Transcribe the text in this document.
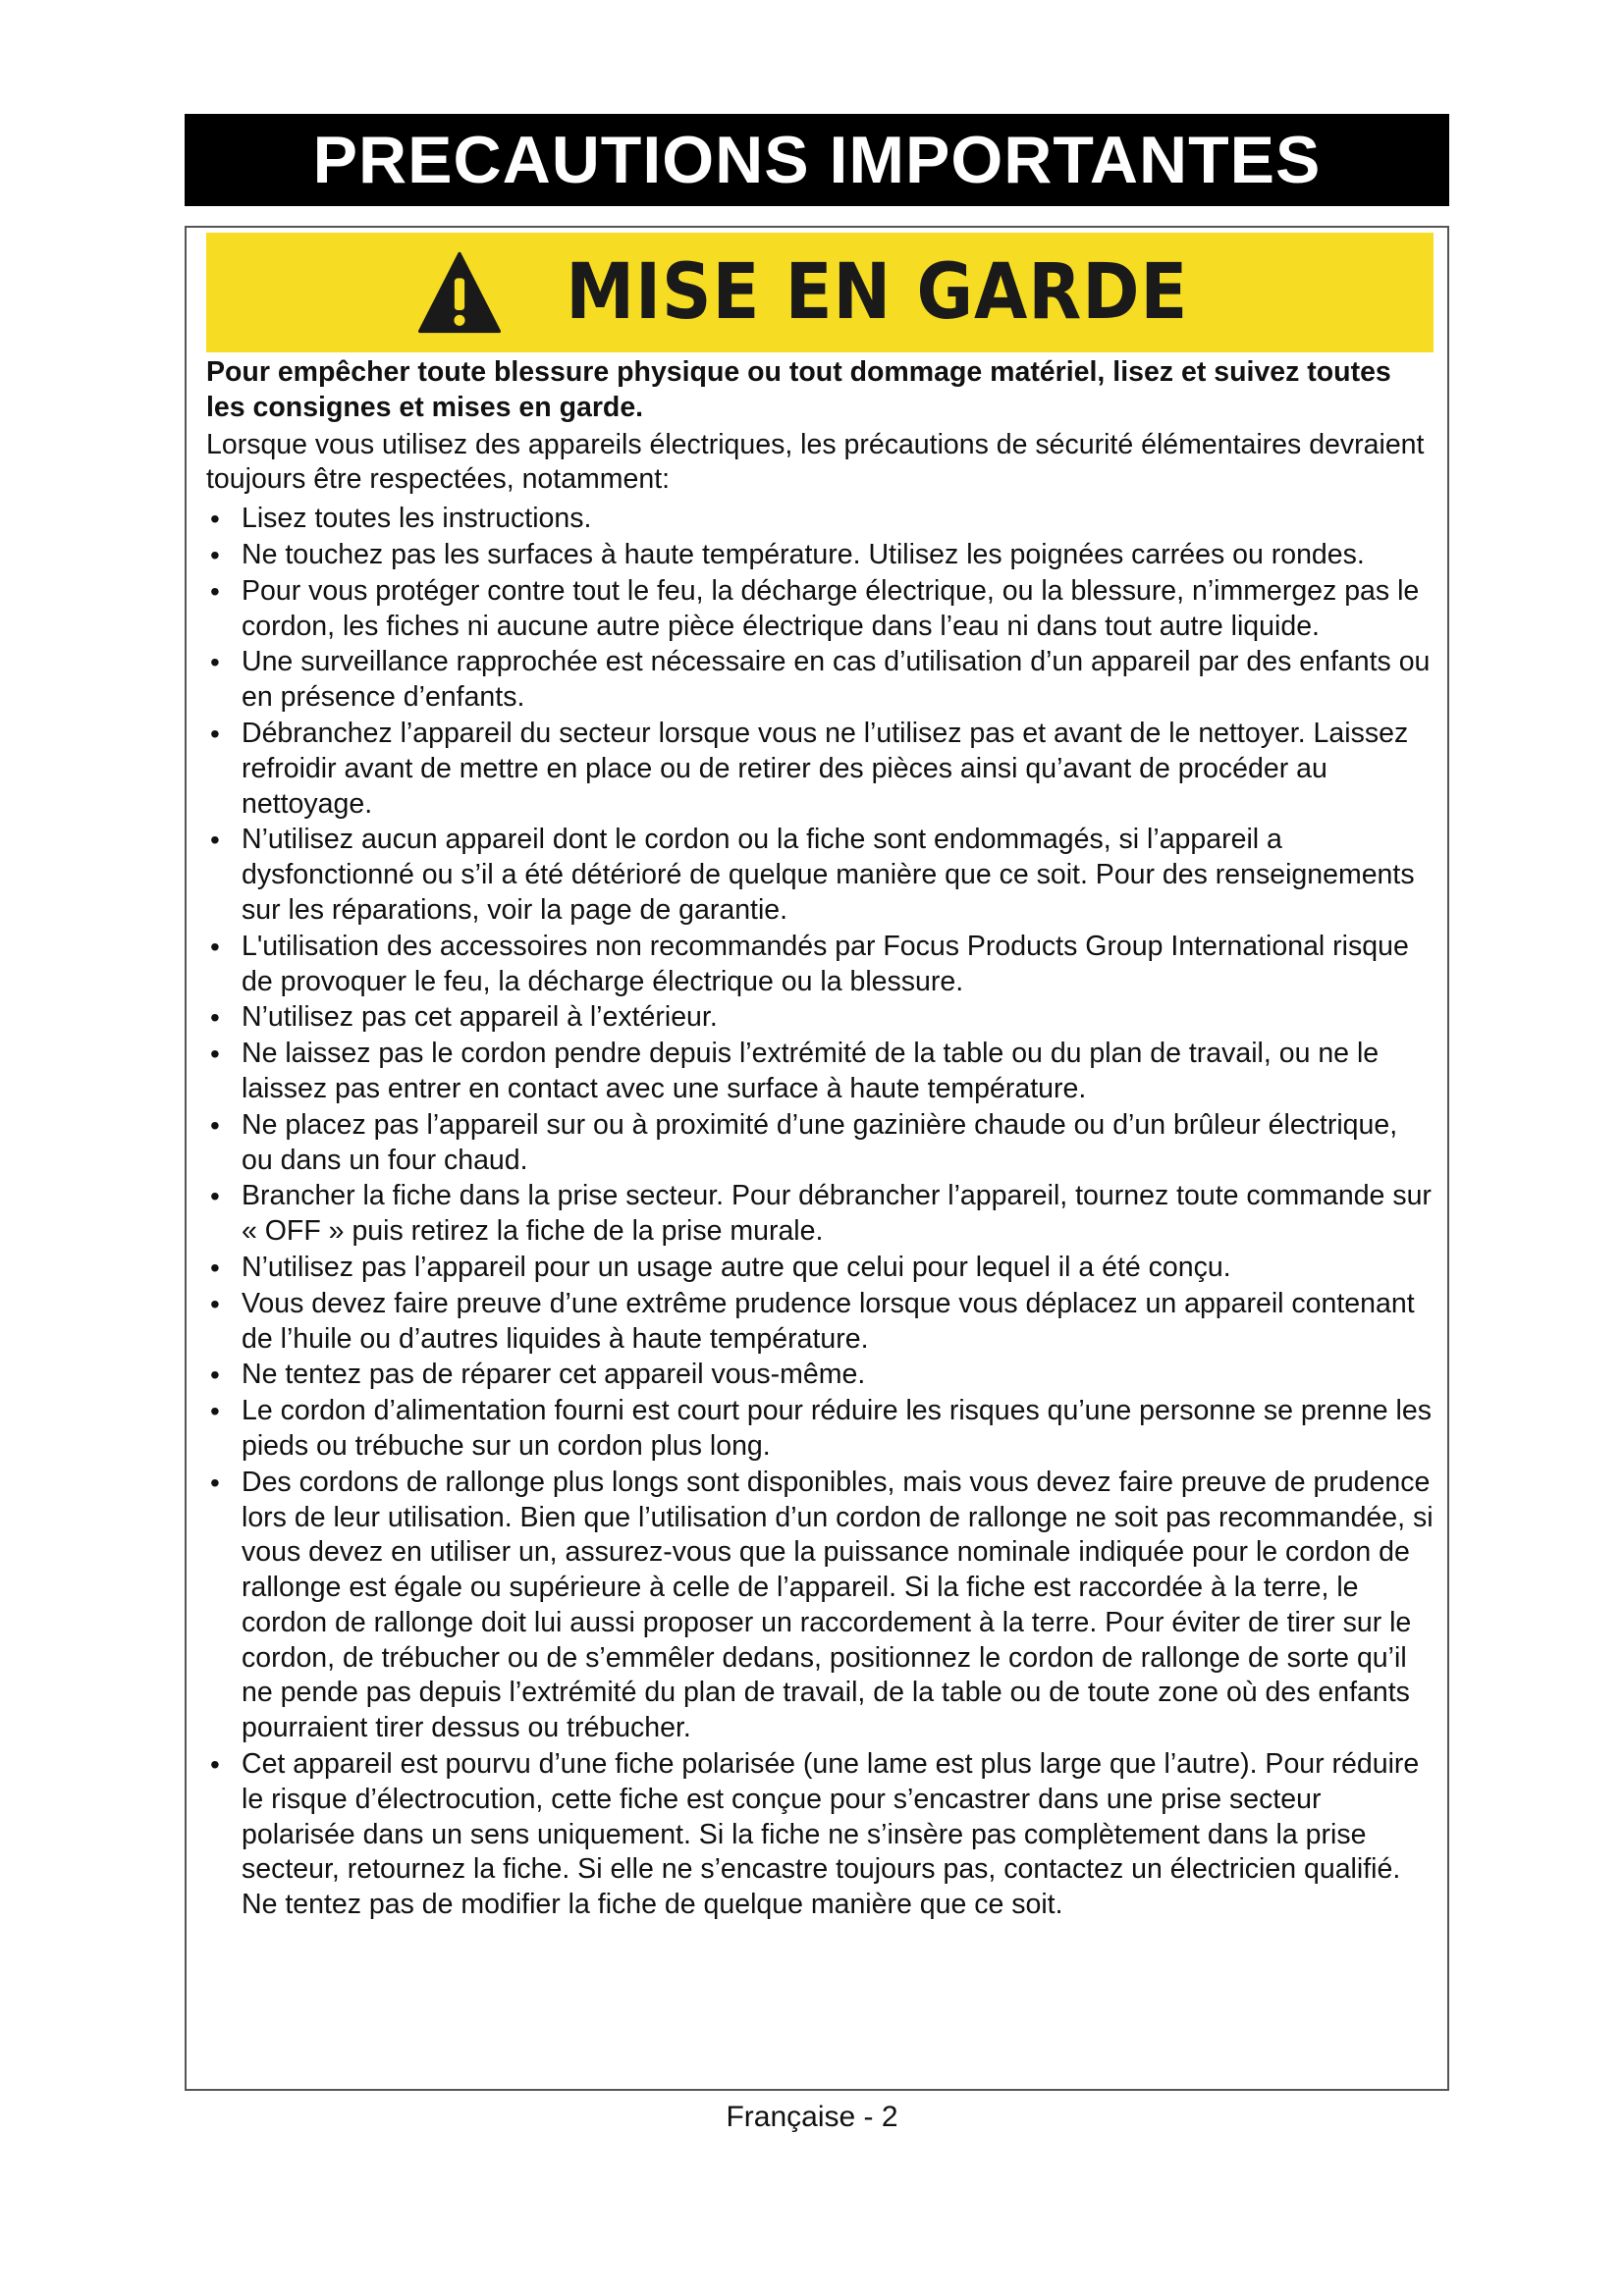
PRECAUTIONS IMPORTANTES
MISE EN GARDE

Pour empêcher toute blessure physique ou tout dommage matériel, lisez et suivez toutes les consignes et mises en garde.

Lorsque vous utilisez des appareils électriques, les précautions de sécurité élémentaires devraient toujours être respectées, notamment:

• Lisez toutes les instructions.
• Ne touchez pas les surfaces à haute température. Utilisez les poignées carrées ou rondes.
• Pour vous protéger contre tout le feu, la décharge électrique, ou la blessure, n’immergez pas le cordon, les fiches ni aucune autre pièce électrique dans l’eau ni dans tout autre liquide.
• Une surveillance rapprochée est nécessaire en cas d’utilisation d’un appareil par des enfants ou en présence d’enfants.
• Débranchez l’appareil du secteur lorsque vous ne l’utilisez pas et avant de le nettoyer. Laissez refroidir avant de mettre en place ou de retirer des pièces ainsi qu’avant de procéder au nettoyage.
• N’utilisez aucun appareil dont le cordon ou la fiche sont endommagés, si l’appareil a dysfonctionné ou s’il a été détérioré de quelque manière que ce soit. Pour des renseignements sur les réparations, voir la page de garantie.
• L'utilisation des accessoires non recommandés par Focus Products Group International risque de provoquer le feu, la décharge électrique ou la blessure.
• N’utilisez pas cet appareil à l’extérieur.
• Ne laissez pas le cordon pendre depuis l’extrémité de la table ou du plan de travail, ou ne le laissez pas entrer en contact avec une surface à haute température.
• Ne placez pas l’appareil sur ou à proximité d’une gazinière chaude ou d’un brûleur électrique, ou dans un four chaud.
• Brancher la fiche dans la prise secteur. Pour débrancher l’appareil, tournez toute commande sur « OFF » puis retirez la fiche de la prise murale.
• N’utilisez pas l’appareil pour un usage autre que celui pour lequel il a été conçu.
• Vous devez faire preuve d’une extrême prudence lorsque vous déplacez un appareil contenant de l’huile ou d’autres liquides à haute température.
• Ne tentez pas de réparer cet appareil vous-même.
• Le cordon d’alimentation fourni est court pour réduire les risques qu’une personne se prenne les pieds ou trébuche sur un cordon plus long.
• Des cordons de rallonge plus longs sont disponibles, mais vous devez faire preuve de prudence lors de leur utilisation. Bien que l’utilisation d’un cordon de rallonge ne soit pas recommandée, si vous devez en utiliser un, assurez-vous que la puissance nominale indiquée pour le cordon de rallonge est égale ou supérieure à celle de l’appareil. Si la fiche est raccordée à la terre, le cordon de rallonge doit lui aussi proposer un raccordement à la terre. Pour éviter de tirer sur le cordon, de trébucher ou de s’emmêler dedans, positionnez le cordon de rallonge de sorte qu’il ne pende pas depuis l’extrémité du plan de travail, de la table ou de toute zone où des enfants pourraient tirer dessus ou trébucher.
• Cet appareil est pourvu d’une fiche polarisée (une lame est plus large que l’autre). Pour réduire le risque d’électrocution, cette fiche est conçue pour s’encastrer dans une prise secteur polarisée dans un sens uniquement. Si la fiche ne s’insère pas complètement dans la prise secteur, retournez la fiche. Si elle ne s’encastre toujours pas, contactez un électricien qualifié. Ne tentez pas de modifier la fiche de quelque manière que ce soit.
Française - 2
